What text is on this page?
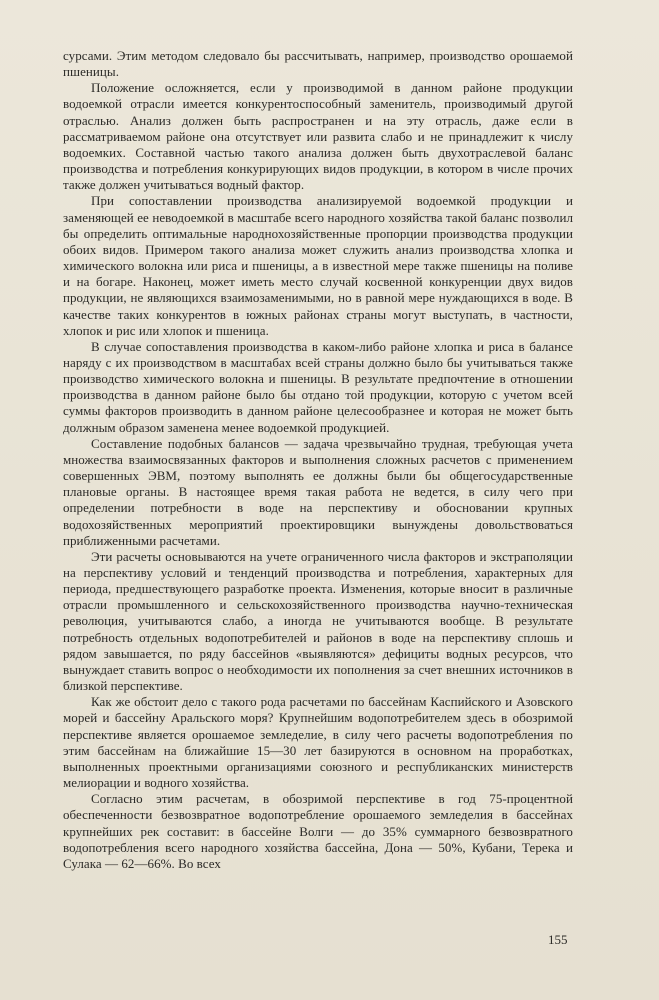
сурсами. Этим методом следовало бы рассчитывать, например, производство орошаемой пшеницы.

Положение осложняется, если у производимой в данном районе продукции водоемкой отрасли имеется конкурентоспособный заменитель, производимый другой отраслью. Анализ должен быть распространен и на эту отрасль, даже если в рассматриваемом районе она отсутствует или развита слабо и не принадлежит к числу водоемких. Составной частью такого анализа должен быть двухотраслевой баланс производства и потребления конкурирующих видов продукции, в котором в числе прочих также должен учитываться водный фактор.

При сопоставлении производства анализируемой водоемкой продукции и заменяющей ее неводоемкой в масштабе всего народного хозяйства такой баланс позволил бы определить оптимальные народнохозяйственные пропорции производства продукции обоих видов. Примером такого анализа может служить анализ производства хлопка и химического волокна или риса и пшеницы, а в известной мере также пшеницы на поливе и на богаре. Наконец, может иметь место случай косвенной конкуренции двух видов продукции, не являющихся взаимозаменимыми, но в равной мере нуждающихся в воде. В качестве таких конкурентов в южных районах страны могут выступать, в частности, хлопок и рис или хлопок и пшеница.

В случае сопоставления производства в каком-либо районе хлопка и риса в балансе наряду с их производством в масштабах всей страны должно было бы учитываться также производство химического волокна и пшеницы. В результате предпочтение в отношении производства в данном районе было бы отдано той продукции, которую с учетом всей суммы факторов производить в данном районе целесообразнее и которая не может быть должным образом заменена менее водоемкой продукцией.

Составление подобных балансов — задача чрезвычайно трудная, требующая учета множества взаимосвязанных факторов и выполнения сложных расчетов с применением совершенных ЭВМ, поэтому выполнять ее должны были бы общегосударственные плановые органы. В настоящее время такая работа не ведется, в силу чего при определении потребности в воде на перспективу и обосновании крупных водохозяйственных мероприятий проектировщики вынуждены довольствоваться приближенными расчетами.

Эти расчеты основываются на учете ограниченного числа факторов и экстраполяции на перспективу условий и тенденций производства и потребления, характерных для периода, предшествующего разработке проекта. Изменения, которые вносит в различные отрасли промышленного и сельскохозяйственного производства научно-техническая революция, учитываются слабо, а иногда не учитываются вообще. В результате потребность отдельных водопотребителей и районов в воде на перспективу сплошь и рядом завышается, по ряду бассейнов «выявляются» дефициты водных ресурсов, что вынуждает ставить вопрос о необходимости их пополнения за счет внешних источников в близкой перспективе.

Как же обстоит дело с такого рода расчетами по бассейнам Каспийского и Азовского морей и бассейну Аральского моря? Крупнейшим водопотребителем здесь в обозримой перспективе является орошаемое земледелие, в силу чего расчеты водопотребления по этим бассейнам на ближайшие 15—30 лет базируются в основном на проработках, выполненных проектными организациями союзного и республиканских министерств мелиорации и водного хозяйства.

Согласно этим расчетам, в обозримой перспективе в год 75-процентной обеспеченности безвозвратное водопотребление орошаемого земледелия в бассейнах крупнейших рек составит: в бассейне Волги — до 35% суммарного безвозвратного водопотребления всего народного хозяйства бассейна, Дона — 50%, Кубани, Терека и Сулака — 62—66%. Во всех

155
